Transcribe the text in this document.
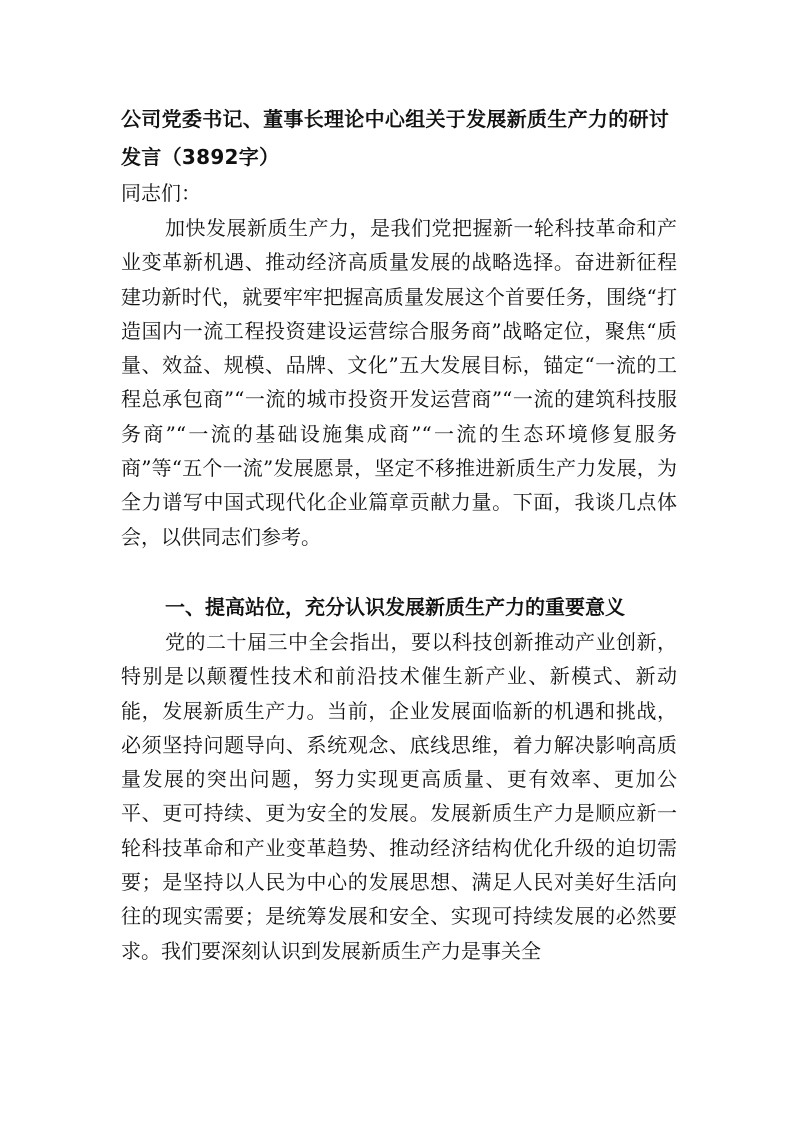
公司党委书记、董事长理论中心组关于发展新质生产力的研讨发言（3892字）
同志们：

加快发展新质生产力，是我们党把握新一轮科技革命和产业变革新机遇、推动经济高质量发展的战略选择。奋进新征程建功新时代，就要牢牢把握高质量发展这个首要任务，围绕“打造国内一流工程投资建设运营综合服务商”战略定位，聚焦“质量、效益、规模、品牌、文化”五大发展目标，锚定“一流的工程总承包商”“一流的城市投资开发运营商”“一流的建筑科技服务商”“一流的基础设施集成商”“一流的生态环境修复服务商”等“五个一流”发展愿景，坚定不移推进新质生产力发展，为全力谱写中国式现代化企业篇章贡献力量。下面，我谈几点体会，以供同志们参考。

一、提高站位，充分认识发展新质生产力的重要意义

党的二十届三中全会指出，要以科技创新推动产业创新，特别是以颠覆性技术和前沿技术催生新产业、新模式、新动能，发展新质生产力。当前，企业发展面临新的机遇和挑战，必须坚持问题导向、系统观念、底线思维，着力解决影响高质量发展的突出问题，努力实现更高质量、更有效率、更加公平、更可持续、更为安全的发展。发展新质生产力是顺应新一轮科技革命和产业变革趋势、推动经济结构优化升级的迫切需要；是坚持以人民为中心的发展思想、满足人民对美好生活向往的现实需要；是统筹发展和安全、实现可持续发展的必然要求。我们要深刻认识到发展新质生产力是事关全
